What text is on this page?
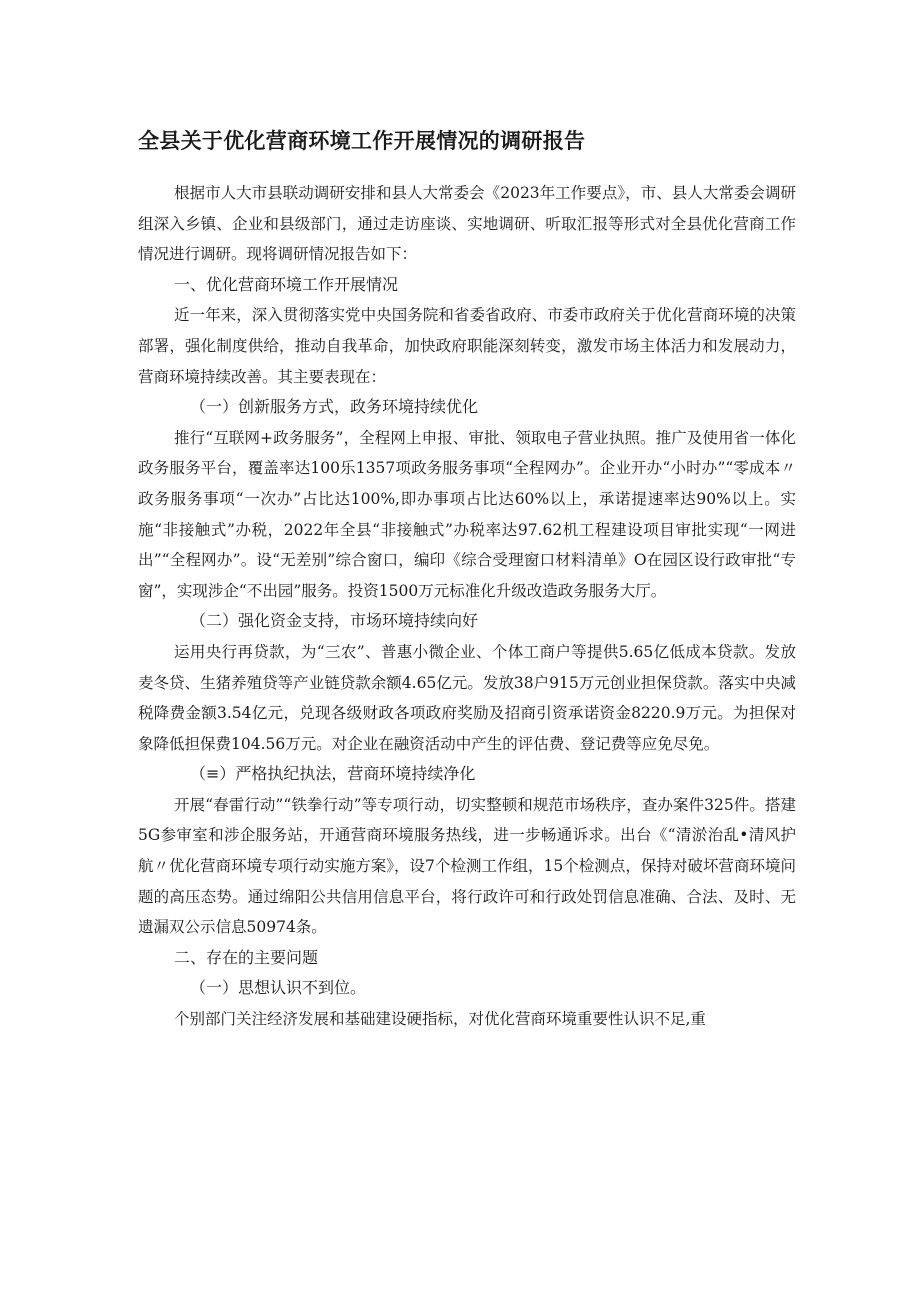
全县关于优化营商环境工作开展情况的调研报告

根据市人大市县联动调研安排和县人大常委会《2023年工作要点》，市、县人大常委会调研组深入乡镇、企业和县级部门，通过走访座谈、实地调研、听取汇报等形式对全县优化营商工作情况进行调研。现将调研情况报告如下：

一、优化营商环境工作开展情况

近一年来，深入贯彻落实党中央国务院和省委省政府、市委市政府关于优化营商环境的决策部署，强化制度供给，推动自我革命，加快政府职能深刻转变，激发市场主体活力和发展动力，营商环境持续改善。其主要表现在：

（一）创新服务方式，政务环境持续优化

推行“互联网+政务服务”，全程网上申报、审批、领取电子营业执照。推广及使用省一体化政务服务平台，覆盖率达100乐1357项政务服务事项“全程网办”。企业开办“小时办”“零成本〃政务服务事项“一次办”占比达100%,即办事项占比达60%以上，承诺提速率达90%以上。实施“非接触式”办税，2022年全县“非接触式”办税率达97.62机工程建设项目审批实现“一网进出”“全程网办”。设“无差别”综合窗口，编印《综合受理窗口材料清单》O在园区设行政审批“专窗”，实现涉企“不出园”服务。投资1500万元标准化升级改造政务服务大厅。

（二）强化资金支持，市场环境持续向好

运用央行再贷款，为“三农”、普惠小微企业、个体工商户等提供5.65亿低成本贷款。发放麦冬贷、生猪养殖贷等产业链贷款余额4.65亿元。发放38户915万元创业担保贷款。落实中央减税降费金额3.54亿元，兑现各级财政各项政府奖励及招商引资承诺资金8220.9万元。为担保对象降低担保费104.56万元。对企业在融资活动中产生的评估费、登记费等应免尽免。

（≡）严格执纪执法，营商环境持续净化

开展“春雷行动”“铁拳行动”等专项行动，切实整顿和规范市场秩序，查办案件325件。搭建5G参审室和涉企服务站，开通营商环境服务热线，进一步畅通诉求。出台《“清淤治乱•清风护航〃优化营商环境专项行动实施方案》，设7个检测工作组，15个检测点，保持对破坏营商环境问题的高压态势。通过绵阳公共信用信息平台，将行政许可和行政处罚信息准确、合法、及时、无遗漏双公示信息50974条。

二、存在的主要问题

（一）思想认识不到位。

个别部门关注经济发展和基础建设硬指标，对优化营商环境重要性认识不足,重
